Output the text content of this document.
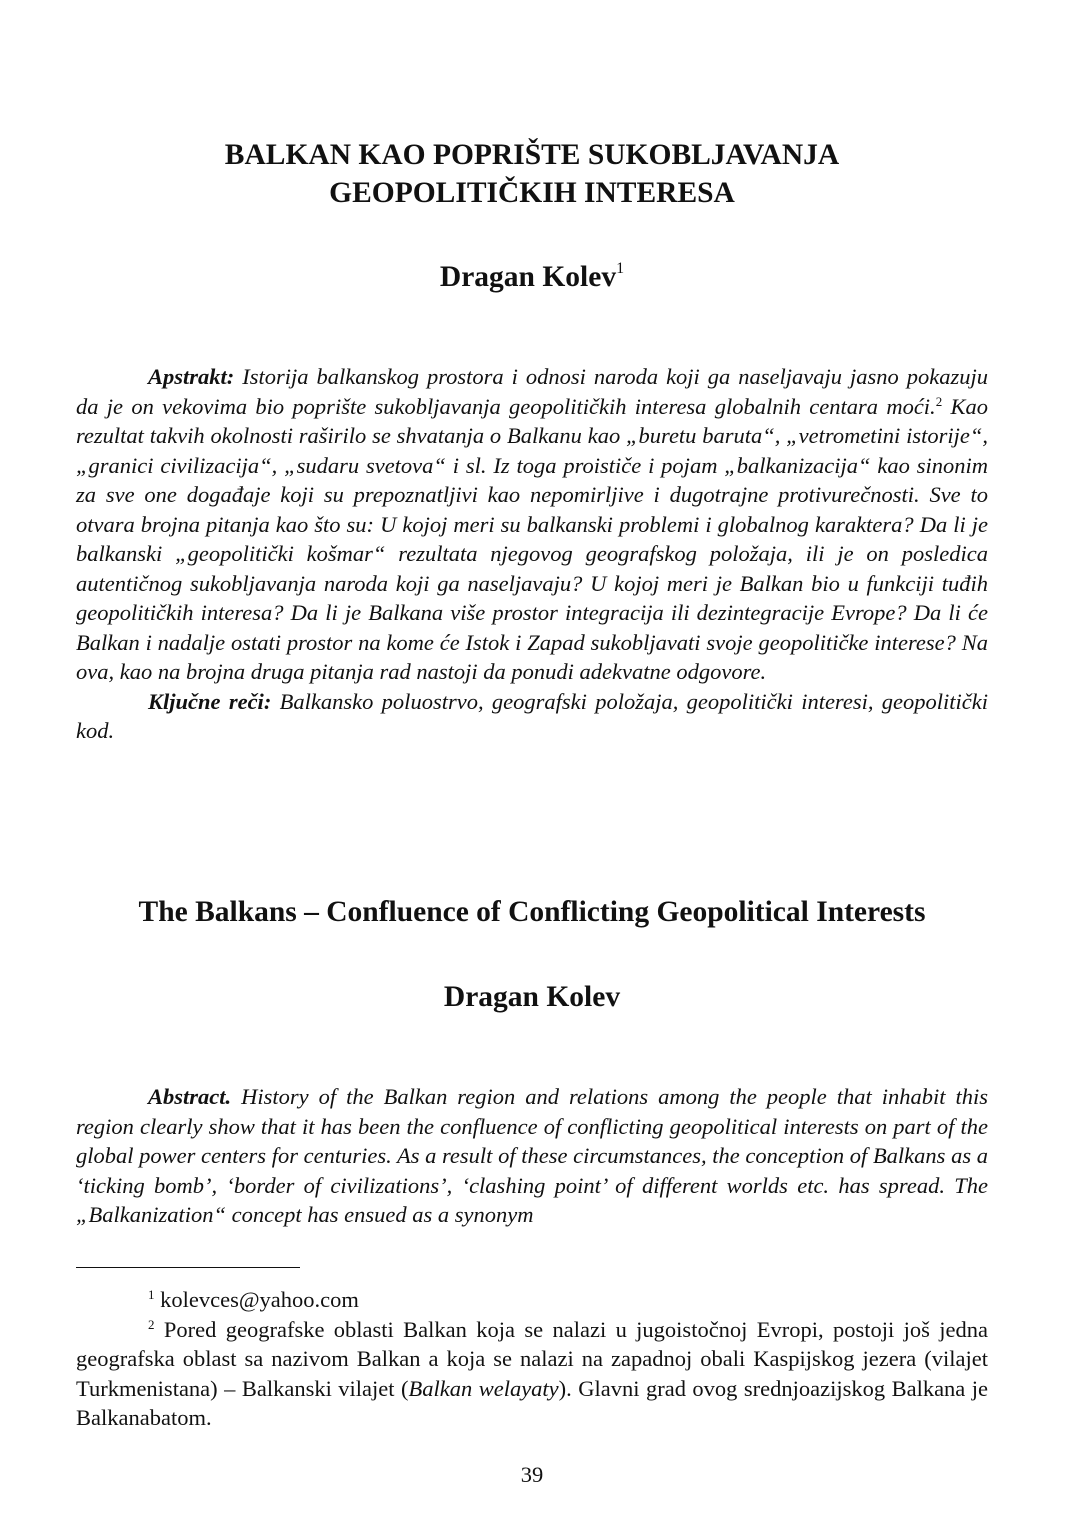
BALKAN KAO POPRIŠTE SUKOBLJAVANJA
GEOPOLITIČKIH INTERESA
Dragan Kolev$^1$

Apstrakt: Istorija balkanskog prostora i odnosi naroda koji ga naseljavaju jasno pokazuju da je on vekovima bio poprište sukobljavanja geopolitičkih interesa globalnih centara moći.$^2$ Kao rezultat takvih okolnosti raširilo se shvatanja o Balkanu kao „buretu baruta“, „vetrometini istorije“, „granici civilizacija“, „sudaru svetova“ i sl. Iz toga proističe i pojam „balkanizacija“ kao sinonim za sve one događaje koji su prepoznatljivi kao nepomirljive i dugotrajne protivurečnosti. Sve to otvara brojna pitanja kao što su: U kojoj meri su balkanski problemi i globalnog karaktera? Da li je balkanski „geopolitički košmar“ rezultata njegovog geografskog položaja, ili je on posledica autentičnog sukobljavanja naroda koji ga naseljavaju? U kojoj meri je Balkan bio u funkciji tuđih geopolitičkih interesa? Da li je Balkana više prostor integracija ili dezintegracije Evrope? Da li će Balkan i nadalje ostati prostor na kome će Istok i Zapad sukobljavati svoje geopolitičke interese? Na ova, kao na brojna druga pitanja rad nastoji da ponudi adekvatne odgovore.
Ključne reči: Balkansko poluostrvo, geografski položaja, geopolitički interesi, geopolitički kod.

The Balkans – Confluence of Conflicting Geopolitical Interests
Dragan Kolev

Abstract. History of the Balkan region and relations among the people that inhabit this region clearly show that it has been the confluence of conflicting geopolitical interests on part of the global power centers for centuries. As a result of these circumstances, the conception of Balkans as a ‘ticking bomb’, ‘border of civilizations’, ‘clashing point’ of different worlds etc. has spread. The „Balkanization“ concept has ensued as a synonym

$^1$ kolevces@yahoo.com

$^2$ Pored geografske oblasti Balkan koja se nalazi u jugoistočnoj Evropi, postoji još jedna geografska oblast sa nazivom Balkan a koja se nalazi na zapadnoj obali Kaspijskog jezera (vilajet Turkmenistana) – Balkanski vilajet (Balkan welayaty). Glavni grad ovog srednjoazijskog Balkana je Balkanabatom.

39
